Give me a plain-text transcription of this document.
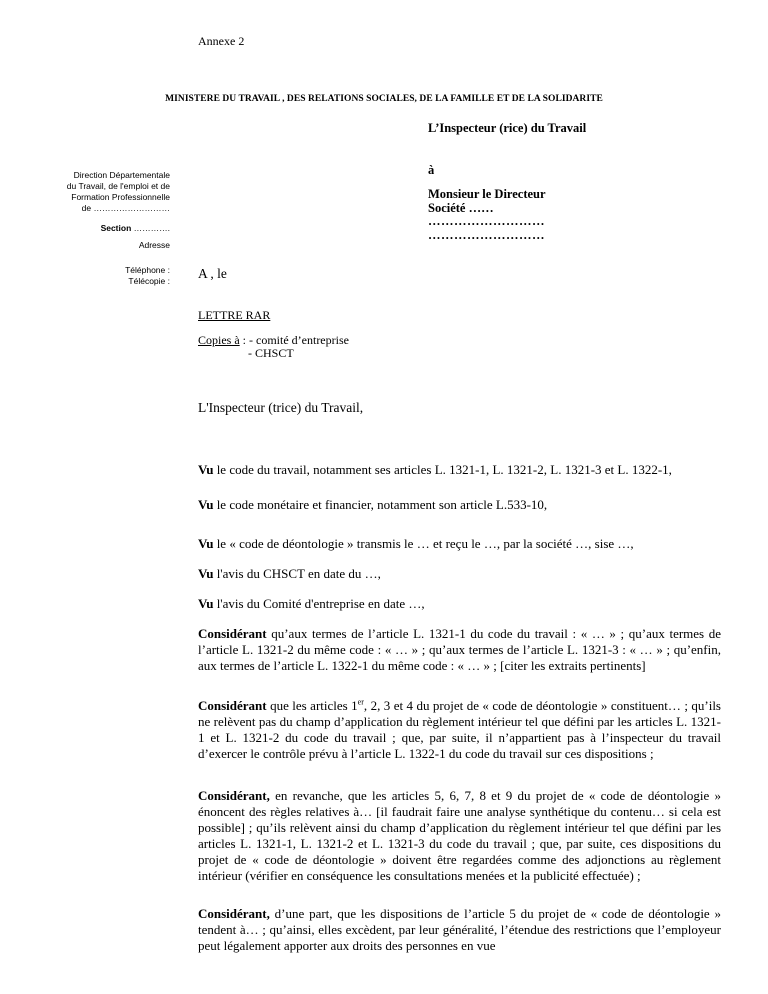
Annexe 2
MINISTERE DU TRAVAIL , DES RELATIONS SOCIALES, DE LA FAMILLE ET DE LA SOLIDARITE
L’Inspecteur (rice) du Travail
à
Monsieur le Directeur
Société ……
………………………
………………………
Direction Départementale
du Travail, de l'emploi et de
Formation Professionnelle
de ………………………
Section ………….
Adresse
Téléphone :
Télécopie : A , le
LETTRE RAR
Copies à : - comité d’entreprise
- CHSCT
L'Inspecteur (trice) du Travail,
Vu le code du travail, notamment ses articles L. 1321-1, L. 1321-2, L. 1321-3 et L. 1322-1,
Vu le code monétaire et financier, notamment son article L.533-10,
Vu le « code de déontologie » transmis le … et reçu le …, par la société …, sise …,
Vu l'avis du CHSCT en date du …,
Vu l'avis du Comité d'entreprise en date …,
Considérant qu’aux termes de l’article L. 1321-1 du code du travail : « … » ; qu’aux termes de l’article L. 1321-2 du même code : « … » ; qu’aux termes de l’article L. 1321-3 : « … » ; qu’enfin, aux termes de l’article L. 1322-1 du même code : « … » ; [citer les extraits pertinents]
Considérant que les articles 1er, 2, 3 et 4 du projet de « code de déontologie » constituent… ; qu’ils ne relèvent pas du champ d’application du règlement intérieur tel que défini par les articles L. 1321-1 et L. 1321-2 du code du travail ; que, par suite, il n’appartient pas à l’inspecteur du travail d’exercer le contrôle prévu à l’article L. 1322-1 du code du travail sur ces dispositions ;
Considérant, en revanche, que les articles 5, 6, 7, 8 et 9 du projet de « code de déontologie » énoncent des règles relatives à… [il faudrait faire une analyse synthétique du contenu… si cela est possible] ; qu’ils relèvent ainsi du champ d’application du règlement intérieur tel que défini par les articles L. 1321-1, L. 1321-2 et L. 1321-3 du code du travail ; que, par suite, ces dispositions du projet de « code de déontologie » doivent être regardées comme des adjonctions au règlement intérieur (vérifier en conséquence les consultations menées et la publicité effectuée) ;
Considérant, d’une part, que les dispositions de l’article 5 du projet de « code de déontologie » tendent à… ; qu’ainsi, elles excèdent, par leur généralité, l’étendue des restrictions que l’employeur peut légalement apporter aux droits des personnes en vue
